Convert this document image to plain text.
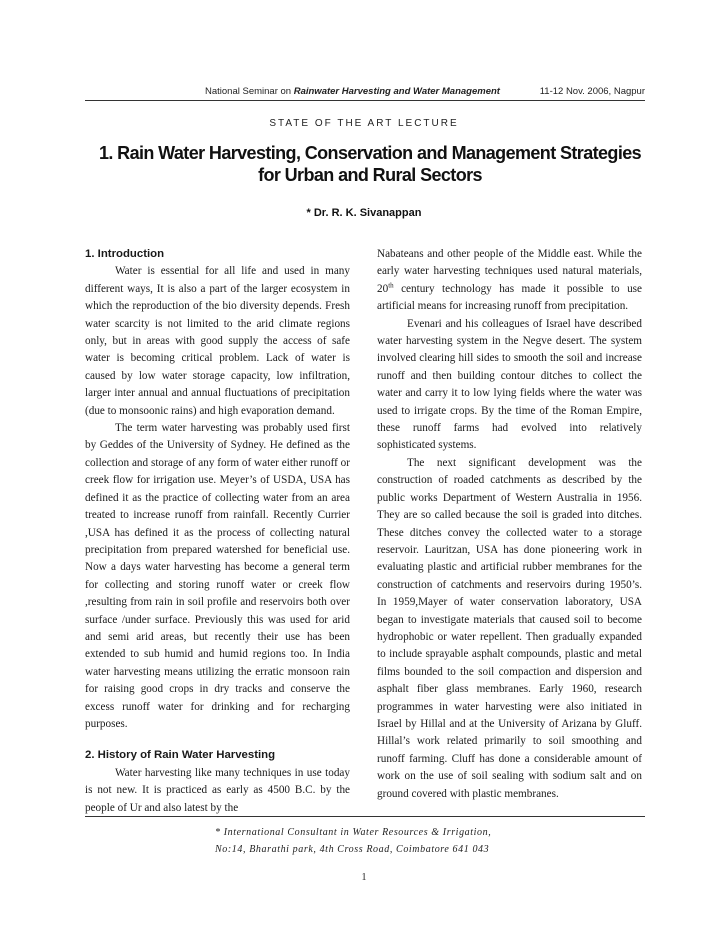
National Seminar on Rainwater Harvesting and Water Management	11-12 Nov. 2006, Nagpur
STATE OF THE ART LECTURE
1. Rain Water Harvesting, Conservation and Management Strategies
for Urban and Rural Sectors
* Dr. R. K. Sivanappan
1. Introduction

Water is essential for all life and used in many different ways, It is also a part of the larger ecosystem in which the reproduction of the bio diversity depends. Fresh water scarcity is not limited to the arid climate regions only, but in areas with good supply the access of safe water is becoming critical problem. Lack of water is caused by low water storage capacity, low infiltration, larger inter annual and annual fluctuations of precipitation (due to monsoonic rains) and high evaporation demand.

The term water harvesting was probably used first by Geddes of the University of Sydney. He defined as the collection and storage of any form of water either runoff or creek flow for irrigation use. Meyer’s of USDA, USA has defined it as the practice of collecting water from an area treated to increase runoff from rainfall. Recently Currier ,USA has defined it as the process of collecting natural precipitation from prepared watershed for beneficial use. Now a days water harvesting has become a general term for collecting and storing runoff water or creek flow ,resulting from rain in soil profile and reservoirs both over surface /under surface. Previously this was used for arid and semi arid areas, but recently their use has been extended to sub humid and humid regions too. In India water harvesting means utilizing the erratic monsoon rain for raising good crops in dry tracks and conserve the excess runoff water for drinking and for recharging purposes.

2. History of Rain Water Harvesting

Water harvesting like many techniques in use today is not new. It is practiced as early as 4500 B.C. by the people of Ur and also latest by the

Nabateans and other people of the Middle east. While the early water harvesting techniques used natural materials, 20th century technology has made it possible to use artificial means for increasing runoff from precipitation.

Evenari and his colleagues of Israel have described water harvesting system in the Negve desert. The system involved clearing hill sides to smooth the soil and increase runoff and then building contour ditches to collect the water and carry it to low lying fields where the water was used to irrigate crops. By the time of the Roman Empire, these runoff farms had evolved into relatively sophisticated systems.

The next significant development was the construction of roaded catchments as described by the public works Department of Western Australia in 1956. They are so called because the soil is graded into ditches. These ditches convey the collected water to a storage reservoir. Lauritzan, USA has done pioneering work in evaluating plastic and artificial rubber membranes for the construction of catchments and reservoirs during 1950’s. In 1959,Mayer of water conservation laboratory, USA began to investigate materials that caused soil to become hydrophobic or water repellent. Then gradually expanded to include sprayable asphalt compounds, plastic and metal films bounded to the soil compaction and dispersion and asphalt fiber glass membranes. Early 1960, research programmes in water harvesting were also initiated in Israel by Hillal and at the University of Arizana by Gluff. Hillal’s work related primarily to soil smoothing and runoff farming. Cluff has done a considerable amount of work on the use of soil sealing with sodium salt and on ground covered with plastic membranes.

* International Consultant in Water Resources & Irrigation,
No:14, Bharathi park, 4th Cross Road, Coimbatore 641 043
1
